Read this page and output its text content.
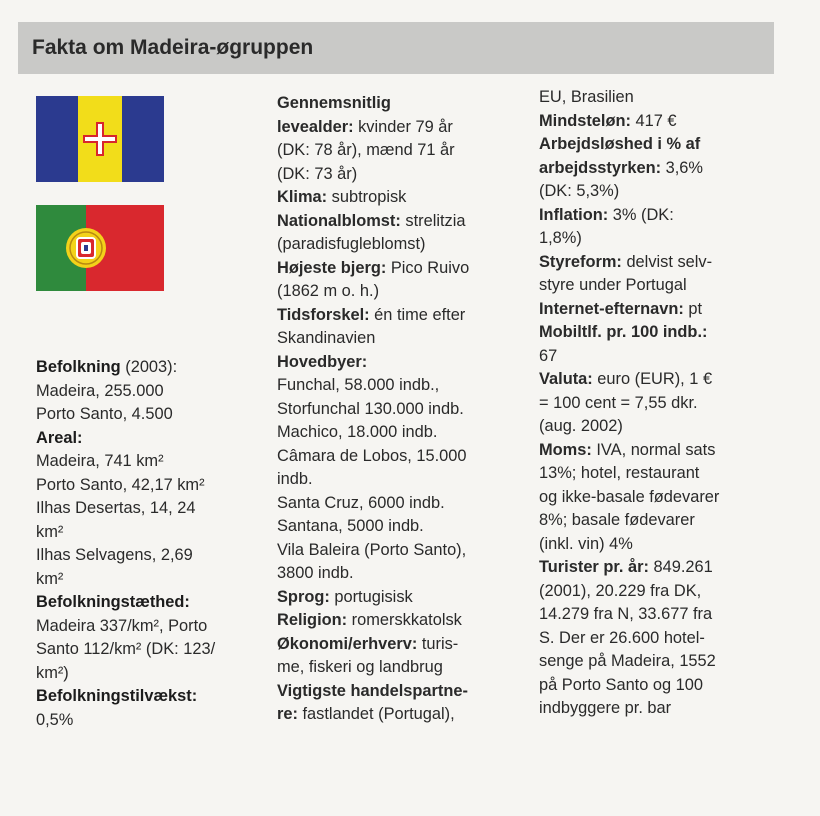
Fakta om Madeira-øgruppen
Befolkning (2003):
Madeira, 255.000
Porto Santo, 4.500
Areal:
Madeira, 741 km²
Porto Santo, 42,17 km²
Ilhas Desertas, 14, 24
km²
Ilhas Selvagens, 2,69
km²
Befolkningstæthed:
Madeira 337/km², Porto
Santo 112/km² (DK: 123/
km²)
Befolkningstilvækst:
0,5%
Gennemsnitlig
levealder: kvinder 79 år
(DK: 78 år), mænd 71 år
(DK: 73 år)
Klima: subtropisk
Nationalblomst: strelitzia
(paradisfugleblomst)
Højeste bjerg: Pico Ruivo
(1862 m o. h.)
Tidsforskel: én time efter
Skandinavien
Hovedbyer:
Funchal, 58.000 indb.,
Storfunchal 130.000 indb.
Machico, 18.000 indb.
Câmara de Lobos, 15.000
indb.
Santa Cruz, 6000 indb.
Santana, 5000 indb.
Vila Baleira (Porto Santo),
3800 indb.
Sprog: portugisisk
Religion: romerskkatolsk
Økonomi/erhverv: turis-
me, fiskeri og landbrug
Vigtigste handelspartne-
re: fastlandet (Portugal),
EU, Brasilien
Mindsteløn: 417 €
Arbejdsløshed i % af
arbejdsstyrken: 3,6%
(DK: 5,3%)
Inflation: 3% (DK:
1,8%)
Styreform: delvist selv-
styre under Portugal
Internet-efternavn: pt
Mobiltlf. pr. 100 indb.:
67
Valuta: euro (EUR), 1 €
= 100 cent = 7,55 dkr.
(aug. 2002)
Moms: IVA, normal sats
13%; hotel, restaurant
og ikke-basale fødevarer
8%; basale fødevarer
(inkl. vin) 4%
Turister pr. år: 849.261
(2001), 20.229 fra DK,
14.279 fra N, 33.677 fra
S. Der er 26.600 hotel-
senge på Madeira, 1552
på Porto Santo og 100
indbyggere pr. bar
